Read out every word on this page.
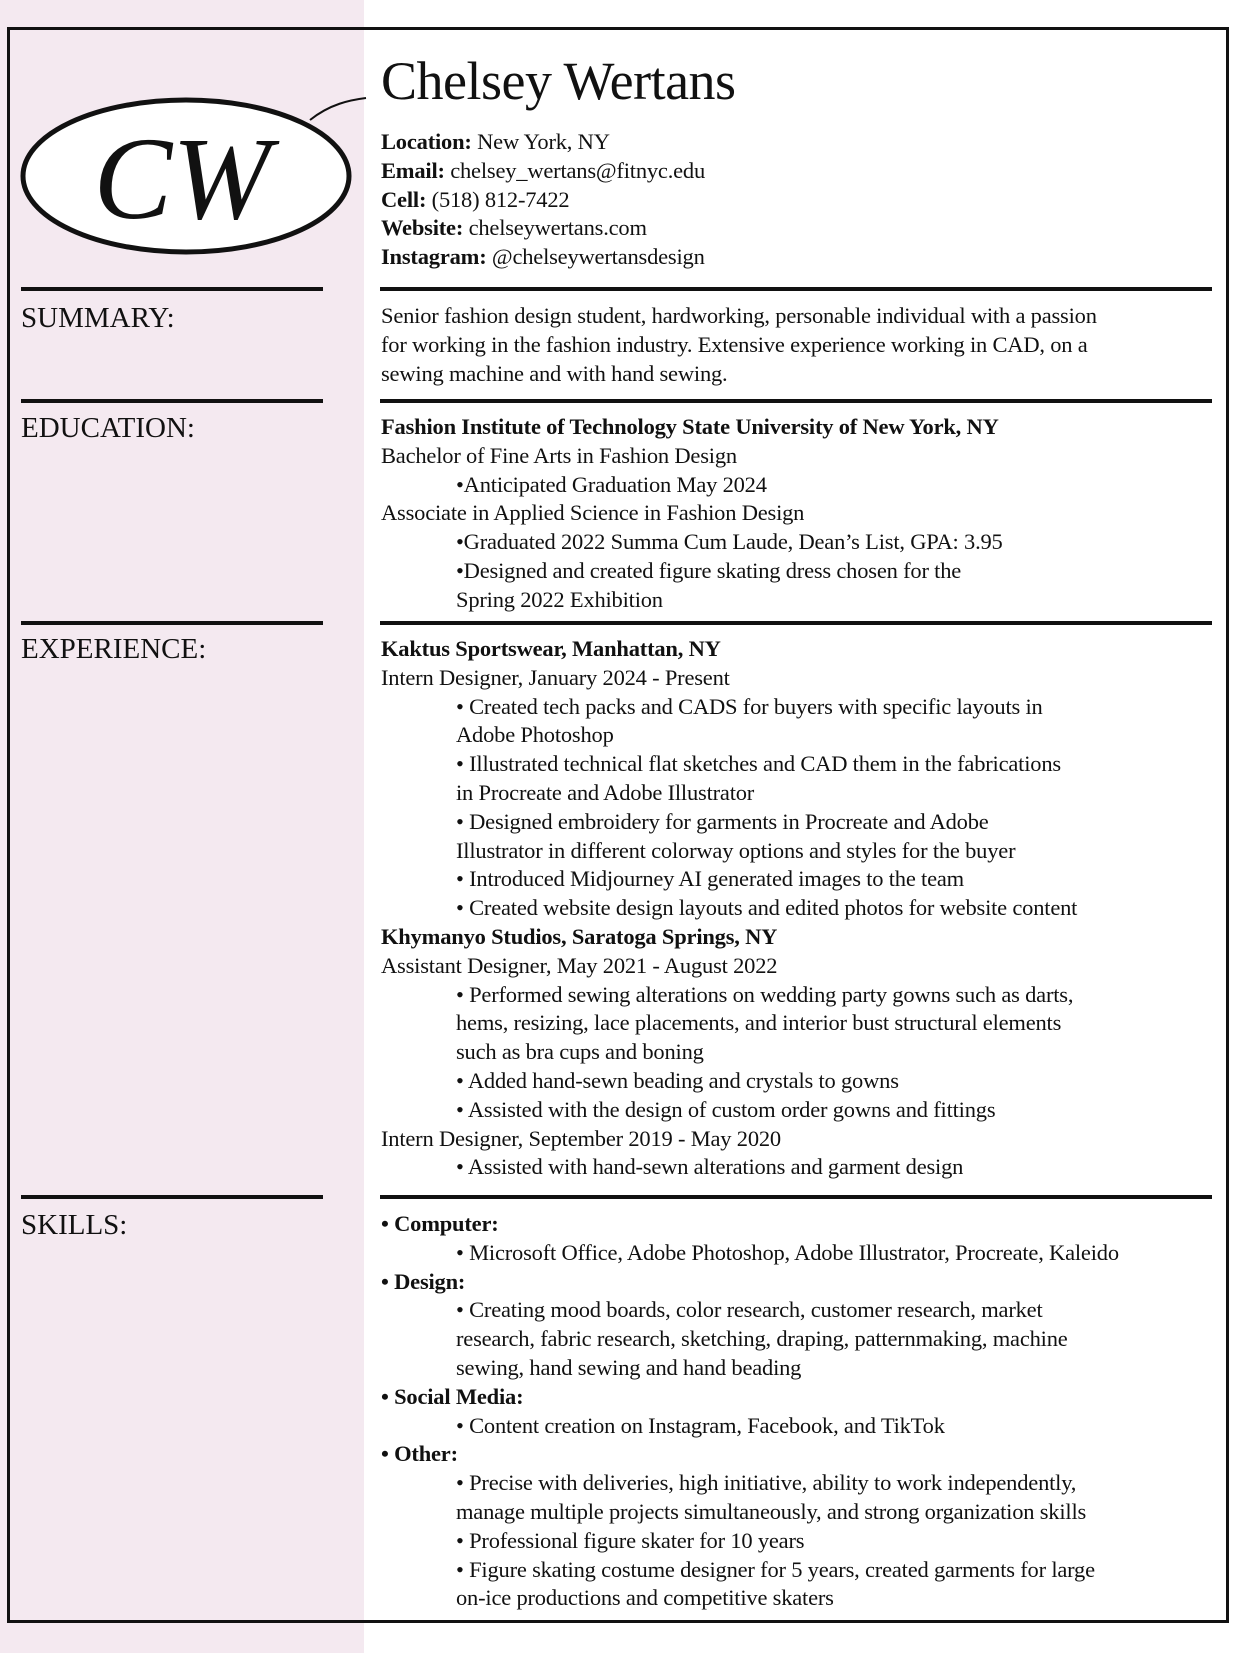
CW
Chelsey Wertans
Location: New York, NY
Email: chelsey_wertans@fitnyc.edu
Cell: (518) 812-7422
Website: chelseywertans.com
Instagram: @chelseywertansdesign
SUMMARY:
EDUCATION:
EXPERIENCE:
SKILLS:
Senior fashion design student, hardworking, personable individual with a passion
for working in the fashion industry. Extensive experience working in CAD, on a
sewing machine and with hand sewing.
Fashion Institute of Technology State University of New York, NY
Bachelor of Fine Arts in Fashion Design
•Anticipated Graduation May 2024
Associate in Applied Science in Fashion Design
•Graduated 2022 Summa Cum Laude, Dean’s List, GPA: 3.95
•Designed and created figure skating dress chosen for the
Spring 2022 Exhibition
Kaktus Sportswear, Manhattan, NY
Intern Designer, January 2024 - Present
• Created tech packs and CADS for buyers with specific layouts in
Adobe Photoshop
• Illustrated technical flat sketches and CAD them in the fabrications
in Procreate and Adobe Illustrator
• Designed embroidery for garments in Procreate and Adobe
Illustrator in different colorway options and styles for the buyer
• Introduced Midjourney AI generated images to the team
• Created website design layouts and edited photos for website content
Khymanyo Studios, Saratoga Springs, NY
Assistant Designer, May 2021 - August 2022
• Performed sewing alterations on wedding party gowns such as darts,
hems, resizing, lace placements, and interior bust structural elements
such as bra cups and boning
• Added hand-sewn beading and crystals to gowns
• Assisted with the design of custom order gowns and fittings
Intern Designer, September 2019 - May 2020
• Assisted with hand-sewn alterations and garment design
• Computer:
• Microsoft Office, Adobe Photoshop, Adobe Illustrator, Procreate, Kaleido
• Design:
• Creating mood boards, color research, customer research, market
research, fabric research, sketching, draping, patternmaking, machine
sewing, hand sewing and hand beading
• Social Media:
• Content creation on Instagram, Facebook, and TikTok
• Other:
• Precise with deliveries, high initiative, ability to work independently,
manage multiple projects simultaneously, and strong organization skills
• Professional figure skater for 10 years
• Figure skating costume designer for 5 years, created garments for large
on-ice productions and competitive skaters
